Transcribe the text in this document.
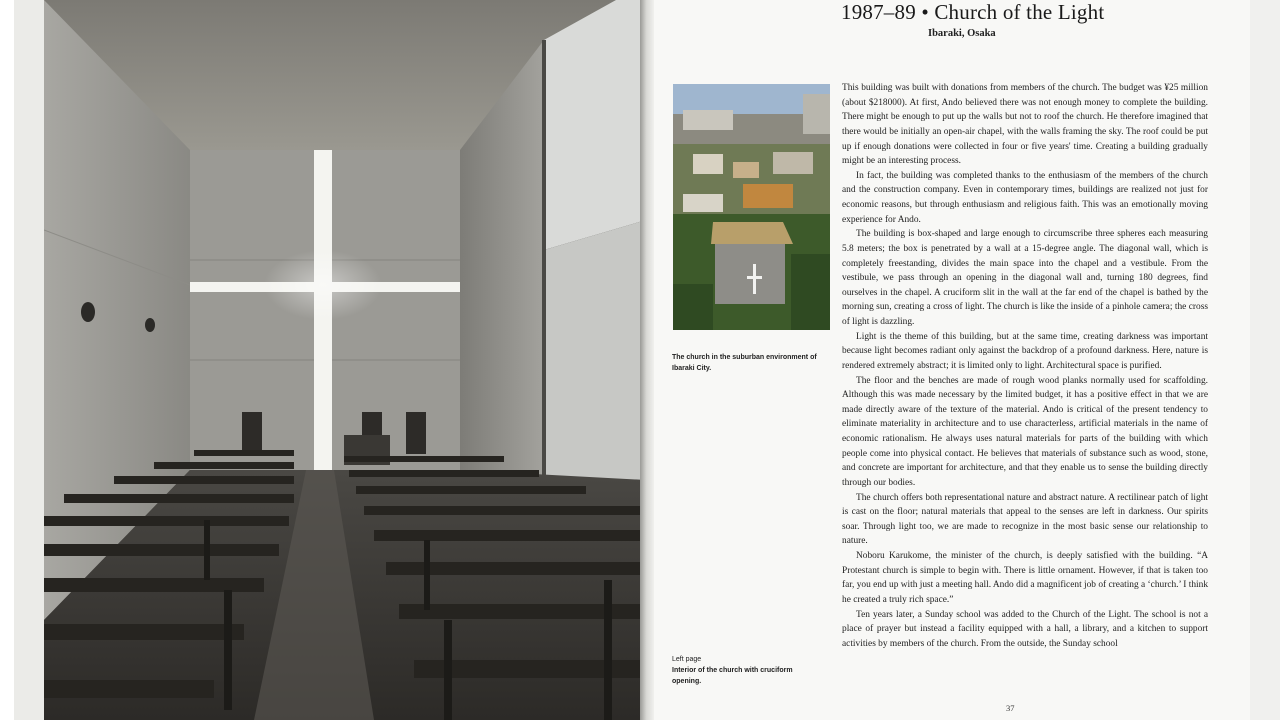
1987–89 • Church of the Light
Ibaraki, Osaka
The church in the suburban environment of Ibaraki City.
Left page
Interior of the church with cruciform opening.

This building was built with donations from members of the church. The budget was ¥25 million (about $218000). At first, Ando believed there was not enough money to complete the building. There might be enough to put up the walls but not to roof the church. He therefore imagined that there would be initially an open-air chapel, with the walls framing the sky. The roof could be put up if enough donations were collected in four or five years' time. Creating a building gradually might be an interesting process.

In fact, the building was completed thanks to the enthusiasm of the members of the church and the construction company. Even in contemporary times, buildings are realized not just for economic reasons, but through enthusiasm and religious faith. This was an emotionally moving experience for Ando.

The building is box-shaped and large enough to circumscribe three spheres each measuring 5.8 meters; the box is penetrated by a wall at a 15-degree angle. The diagonal wall, which is completely freestanding, divides the main space into the chapel and a vestibule. From the vestibule, we pass through an opening in the diagonal wall and, turning 180 degrees, find ourselves in the chapel. A cruciform slit in the wall at the far end of the chapel is bathed by the morning sun, creating a cross of light. The church is like the inside of a pinhole camera; the cross of light is dazzling.

Light is the theme of this building, but at the same time, creating darkness was important because light becomes radiant only against the backdrop of a profound darkness. Here, nature is rendered extremely abstract; it is limited only to light. Architectural space is purified.

The floor and the benches are made of rough wood planks normally used for scaffolding. Although this was made necessary by the limited budget, it has a positive effect in that we are made directly aware of the texture of the material. Ando is critical of the present tendency to eliminate materiality in architecture and to use characterless, artificial materials in the name of economic rationalism. He always uses natural materials for parts of the building with which people come into physical contact. He believes that materials of substance such as wood, stone, and concrete are important for architecture, and that they enable us to sense the building directly through our bodies.

The church offers both representational nature and abstract nature. A rectilinear patch of light is cast on the floor; natural materials that appeal to the senses are left in darkness. Our spirits soar. Through light too, we are made to recognize in the most basic sense our relationship to nature.

Noboru Karukome, the minister of the church, is deeply satisfied with the building. “A Protestant church is simple to begin with. There is little ornament. However, if that is taken too far, you end up with just a meeting hall. Ando did a magnificent job of creating a ‘church.’ I think he created a truly rich space.”

Ten years later, a Sunday school was added to the Church of the Light. The school is not a place of prayer but instead a facility equipped with a hall, a library, and a kitchen to support activities by members of the church. From the outside, the Sunday school

37
